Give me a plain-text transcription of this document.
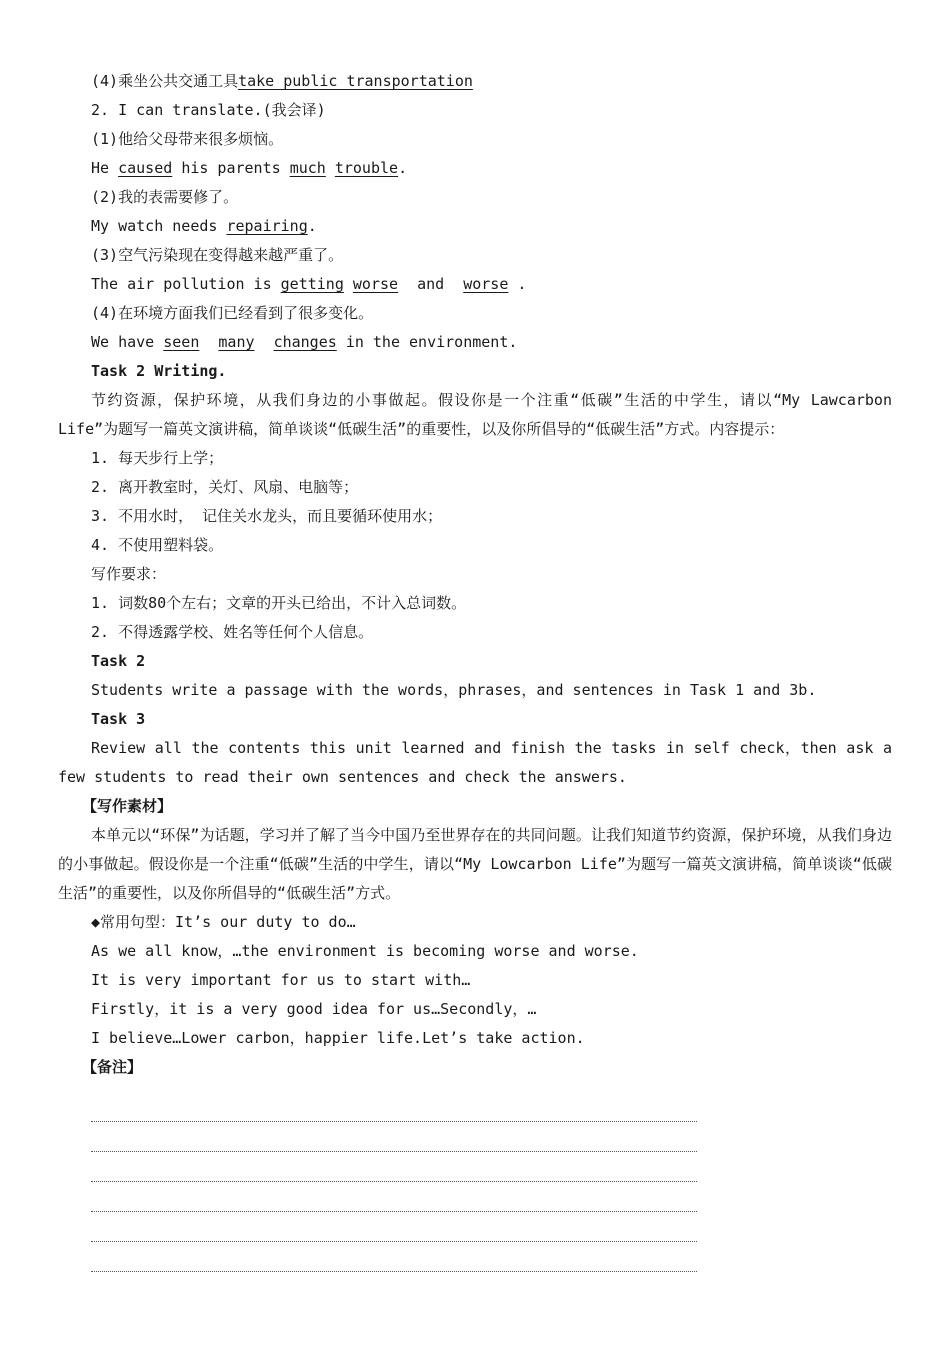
(4)乘坐公共交通工具take public transportation
2. I can translate.(我会译)
(1)他给父母带来很多烦恼。
He caused his parents much trouble.
(2)我的表需要修了。
My watch needs repairing.
(3)空气污染现在变得越来越严重了。
The air pollution is getting worse and worse .
(4)在环境方面我们已经看到了很多变化。
We have seen many changes in the environment.
Task 2 Writing.
节约资源，保护环境，从我们身边的小事做起。假设你是一个注重“低碳”生活的中学生，请以“My Lawcarbon Life”为题写一篇英文演讲稿，简单谈谈“低碳生活”的重要性，以及你所倡导的“低碳生活”方式。内容提示：
1. 每天步行上学；
2. 离开教室时，关灯、风扇、电脑等；
3. 不用水时， 记住关水龙头，而且要循环使用水；
4. 不使用塑料袋。
写作要求：
1. 词数80个左右；文章的开头已给出，不计入总词数。
2. 不得透露学校、姓名等任何个人信息。
Task 2
Students write a passage with the words，phrases，and sentences in Task 1 and 3b.
Task 3
Review all the contents this unit learned and finish the tasks in self check，then ask a few students to read their own sentences and check the answers.
【写作素材】
本单元以“环保”为话题，学习并了解了当今中国乃至世界存在的共同问题。让我们知道节约资源，保护环境，从我们身边的小事做起。假设你是一个注重“低碳”生活的中学生，请以“My Lowcarbon Life”为题写一篇英文演讲稿，简单谈谈“低碳生活”的重要性，以及你所倡导的“低碳生活”方式。
◆常用句型：It’s our duty to do…
As we all know，…the environment is becoming worse and worse.
It is very important for us to start with…
Firstly，it is a very good idea for us…Secondly，…
I believe…Lower carbon，happier life.Let’s take action.
【备注】
